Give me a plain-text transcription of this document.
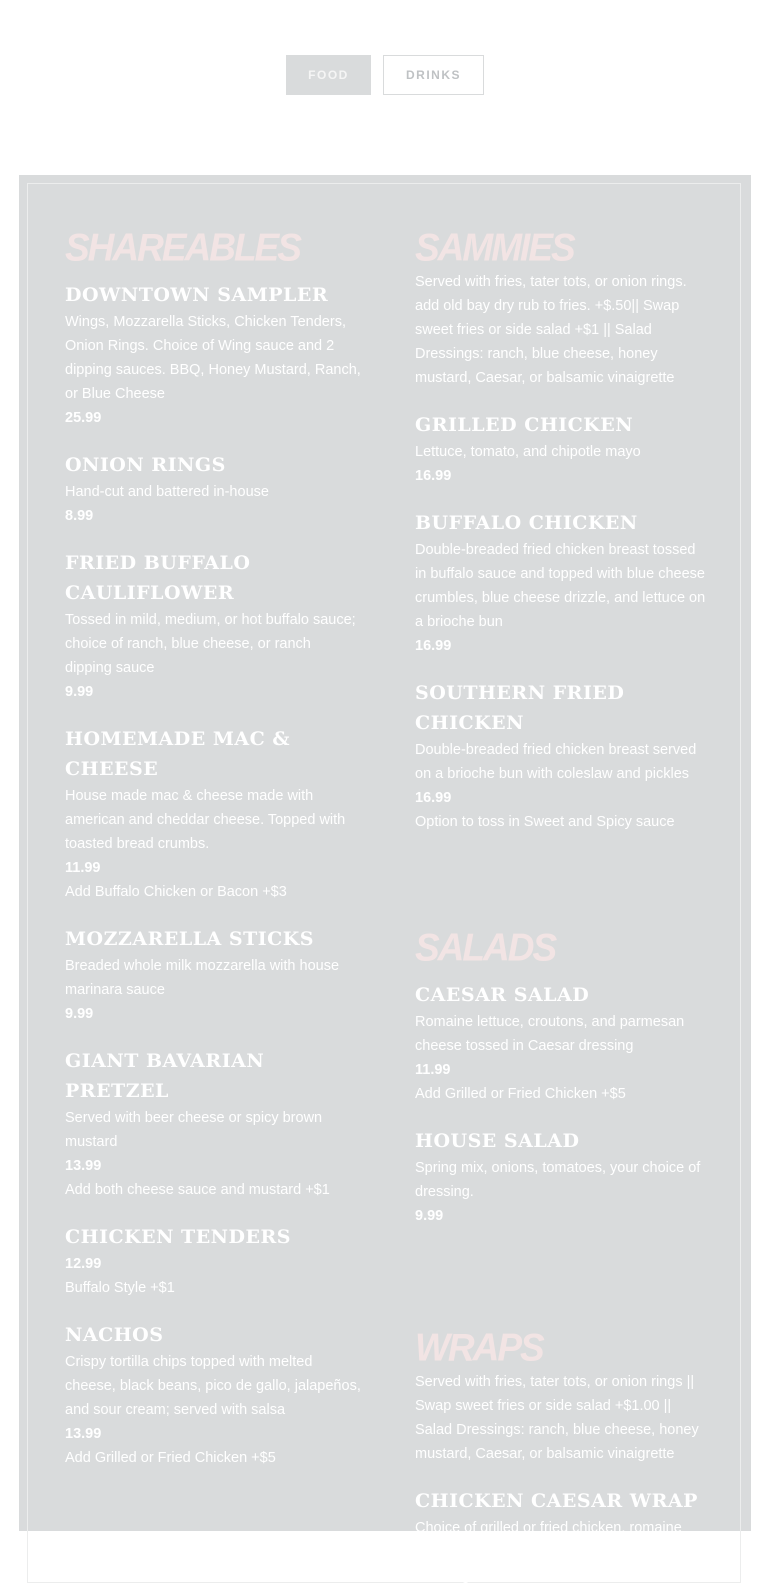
FOOD	DRINKS
SHAREABLES

DOWNTOWN SAMPLER

Wings, Mozzarella Sticks, Chicken Tenders, Onion Rings. Choice of Wing sauce and 2 dipping sauces. BBQ, Honey Mustard, Ranch, or Blue Cheese

25.99

ONION RINGS

Hand-cut and battered in-house

8.99

FRIED BUFFALO CAULIFLOWER

Tossed in mild, medium, or hot buffalo sauce; choice of ranch, blue cheese, or ranch dipping sauce

9.99

HOMEMADE MAC & CHEESE

House made mac & cheese made with american and cheddar cheese. Topped with toasted bread crumbs.

11.99

Add Buffalo Chicken or Bacon +$3

MOZZARELLA STICKS

Breaded whole milk mozzarella with house marinara sauce

9.99

GIANT BAVARIAN PRETZEL

Served with beer cheese or spicy brown mustard

13.99

Add both cheese sauce and mustard +$1

CHICKEN TENDERS

12.99

Buffalo Style +$1

NACHOS

Crispy tortilla chips topped with melted cheese, black beans, pico de gallo, jalapeños, and sour cream; served with salsa

13.99

Add Grilled or Fried Chicken +$5

SAMMIES

Served with fries, tater tots, or onion rings. add old bay dry rub to fries. +$.50|| Swap sweet fries or side salad +$1 || Salad Dressings: ranch, blue cheese, honey mustard, Caesar, or balsamic vinaigrette

GRILLED CHICKEN

Lettuce, tomato, and chipotle mayo

16.99

BUFFALO CHICKEN

Double-breaded fried chicken breast tossed in buffalo sauce and topped with blue cheese crumbles, blue cheese drizzle, and lettuce on a brioche bun

16.99

SOUTHERN FRIED CHICKEN

Double-breaded fried chicken breast served on a brioche bun with coleslaw and pickles

16.99

Option to toss in Sweet and Spicy sauce

SALADS

CAESAR SALAD

Romaine lettuce, croutons, and parmesan cheese tossed in Caesar dressing

11.99

Add Grilled or Fried Chicken +$5

HOUSE SALAD

Spring mix, onions, tomatoes, your choice of dressing.

9.99

WRAPS

Served with fries, tater tots, or onion rings || Swap sweet fries or side salad +$1.00 || Salad Dressings: ranch, blue cheese, honey mustard, Caesar, or balsamic vinaigrette

CHICKEN CAESAR WRAP

Choice of grilled or fried chicken, romaine lettuce, parmesan cheese, and Caesar dressing
